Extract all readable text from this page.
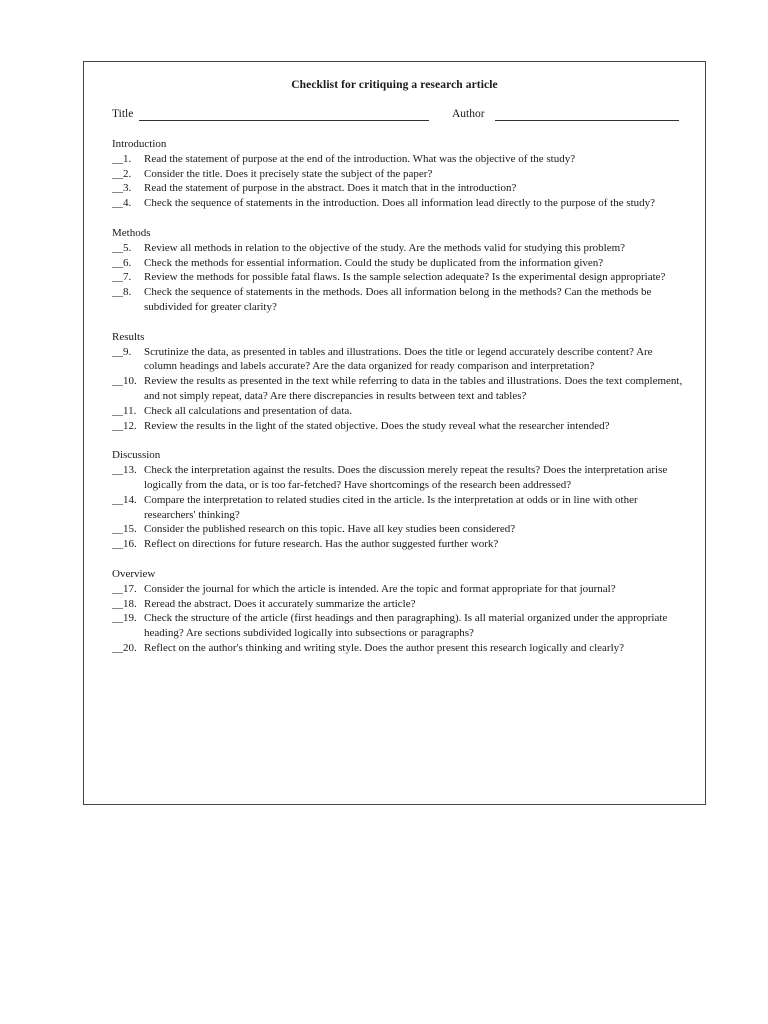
Checklist for critiquing a research article
Title	Author
Introduction
__1.	Read the statement of purpose at the end of the introduction. What was the objective of the study?
__2.	Consider the title. Does it precisely state the subject of the paper?
__3.	Read the statement of purpose in the abstract. Does it match that in the introduction?
__4.	Check the sequence of statements in the introduction. Does all information lead directly to the purpose of the study?
Methods
__5.	Review all methods in relation to the objective of the study. Are the methods valid for studying this problem?
__6.	Check the methods for essential information. Could the study be duplicated from the information given?
__7.	Review the methods for possible fatal flaws. Is the sample selection adequate? Is the experimental design appropriate?
__8.	Check the sequence of statements in the methods. Does all information belong in the methods? Can the methods be subdivided for greater clarity?
Results
__9.	Scrutinize the data, as presented in tables and illustrations. Does the title or legend accurately describe content? Are column headings and labels accurate? Are the data organized for ready comparison and interpretation?
__10. Review the results as presented in the text while referring to data in the tables and illustrations. Does the text complement, and not simply repeat, data? Are there discrepancies in results between text and tables?
__11. Check all calculations and presentation of data.
__12. Review the results in the light of the stated objective. Does the study reveal what the researcher intended?
Discussion
__13. Check the interpretation against the results. Does the discussion merely repeat the results? Does the interpretation arise logically from the data, or is too far-fetched? Have shortcomings of the research been addressed?
__14. Compare the interpretation to related studies cited in the article. Is the interpretation at odds or in line with other researchers' thinking?
__15. Consider the published research on this topic. Have all key studies been considered?
__16. Reflect on directions for future research. Has the author suggested further work?
Overview
__17. Consider the journal for which the article is intended. Are the topic and format appropriate for that journal?
__18. Reread the abstract. Does it accurately summarize the article?
__19. Check the structure of the article (first headings and then paragraphing). Is all material organized under the appropriate heading? Are sections subdivided logically into subsections or paragraphs?
__20. Reflect on the author's thinking and writing style. Does the author present this research logically and clearly?
